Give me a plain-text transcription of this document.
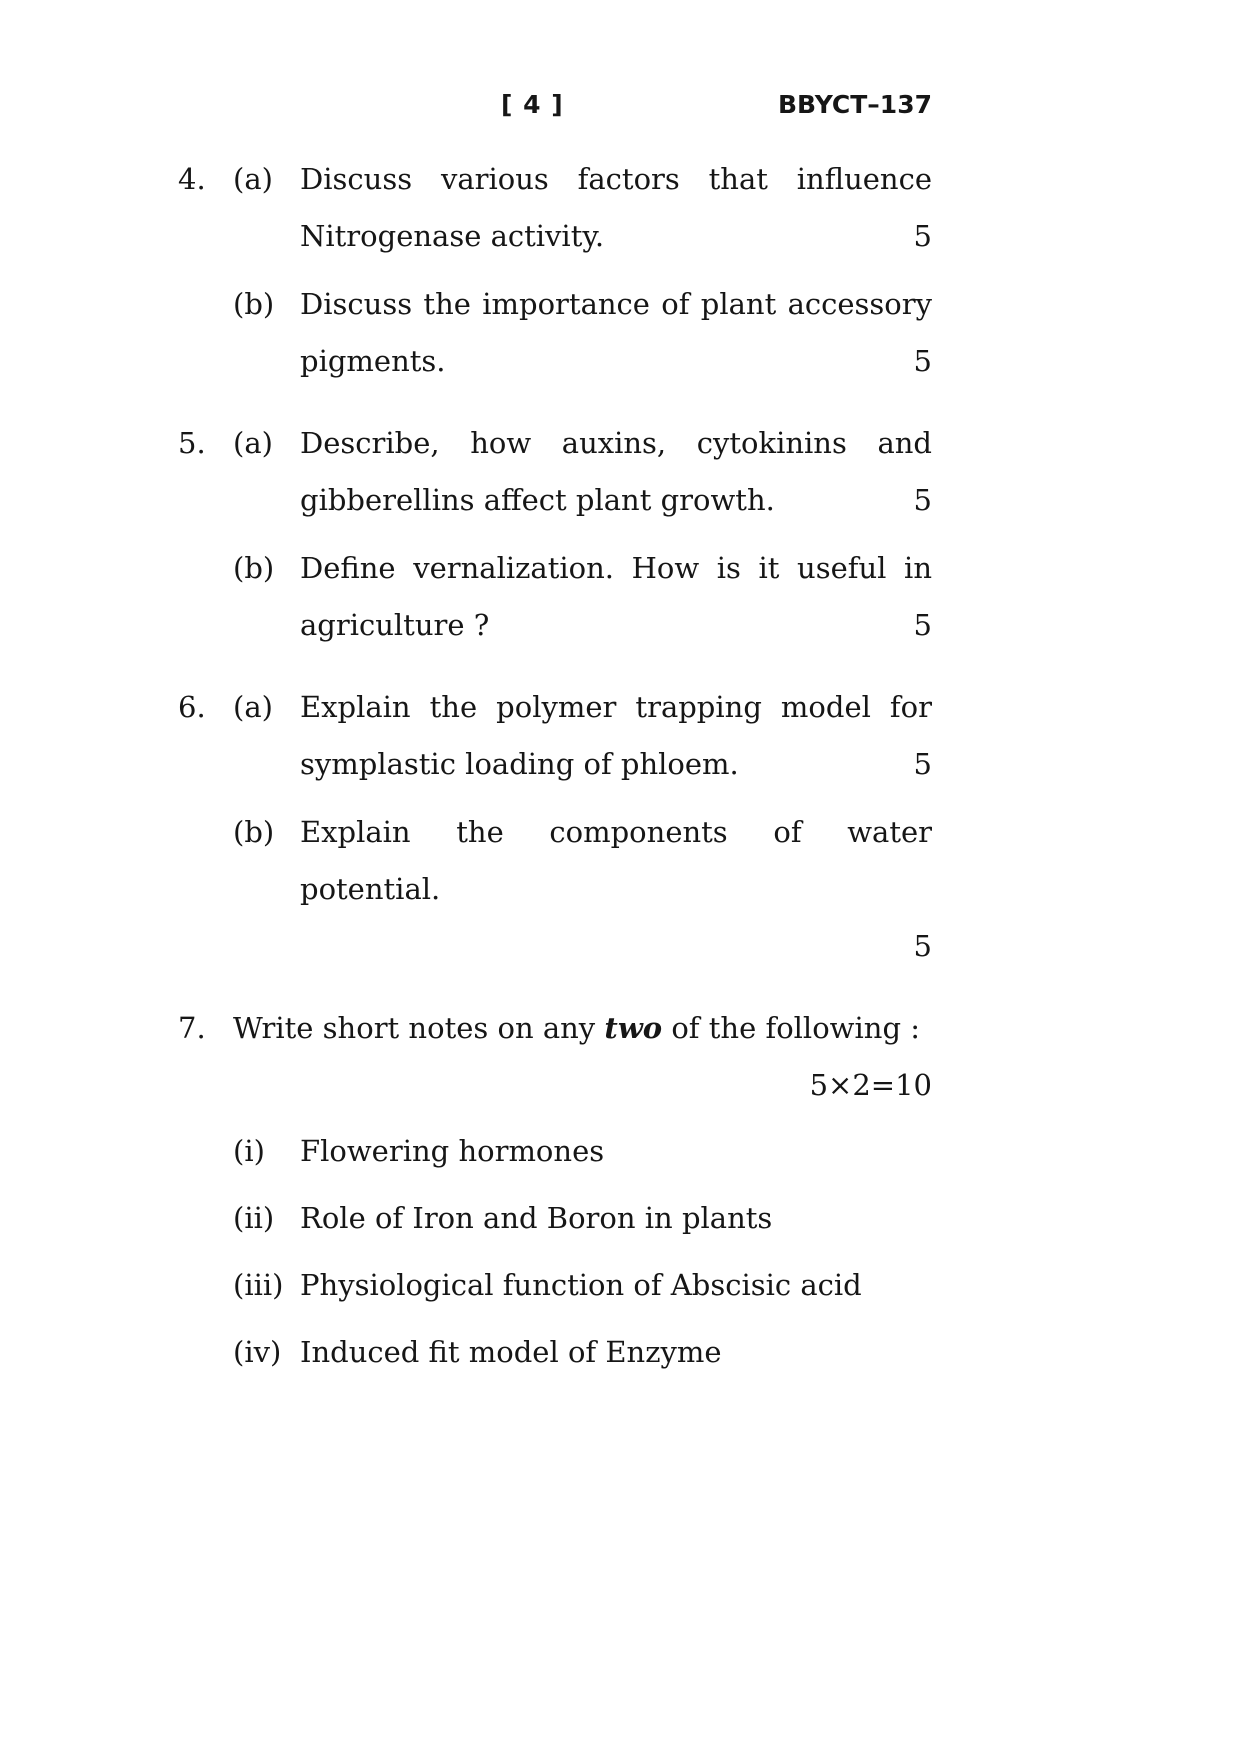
[ 4 ]	BBYCT–137
4. (a) Discuss various factors that influence Nitrogenase activity.	5
(b) Discuss the importance of plant accessory pigments.	5
5. (a) Describe, how auxins, cytokinins and gibberellins affect plant growth.	5
(b) Define vernalization. How is it useful in agriculture ?	5
6. (a) Explain the polymer trapping model for symplastic loading of phloem.	5
(b) Explain the components of water potential.

5
7. Write short notes on any two of the following :

5×2=10
(i)	Flowering hormones
(ii) Role of Iron and Boron in plants
(iii) Physiological function of Abscisic acid
(iv) Induced fit model of Enzyme
